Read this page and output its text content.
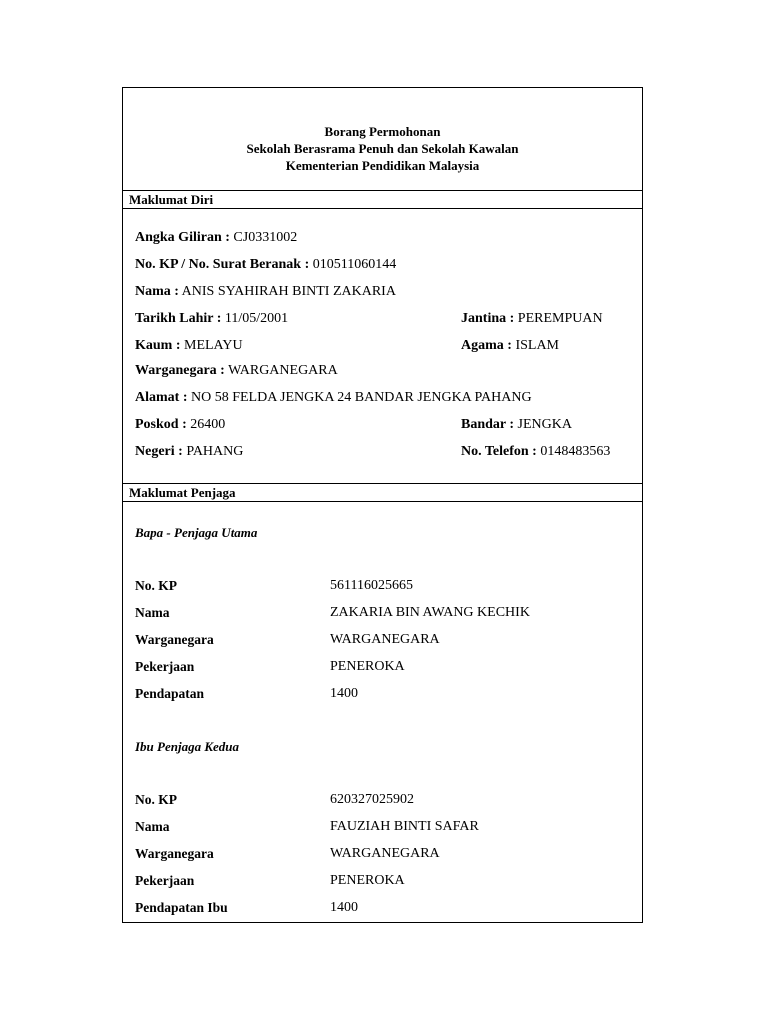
Borang Permohonan
Sekolah Berasrama Penuh dan Sekolah Kawalan
Kementerian Pendidikan Malaysia
Maklumat Diri
Angka Giliran : CJ0331002
No. KP / No. Surat Beranak : 010511060144
Nama : ANIS SYAHIRAH BINTI ZAKARIA
Tarikh Lahir : 11/05/2001	Jantina : PEREMPUAN
Kaum : MELAYU	Agama : ISLAM
Warganegara : WARGANEGARA
Alamat : NO 58 FELDA JENGKA 24 BANDAR JENGKA PAHANG
Poskod : 26400	Bandar : JENGKA
Negeri : PAHANG	No. Telefon : 0148483563
Maklumat Penjaga
Bapa - Penjaga Utama
No. KP	561116025665
Nama	ZAKARIA BIN AWANG KECHIK
Warganegara	WARGANEGARA
Pekerjaan	PENEROKA
Pendapatan	1400
Ibu Penjaga Kedua
No. KP	620327025902
Nama	FAUZIAH BINTI SAFAR
Warganegara	WARGANEGARA
Pekerjaan	PENEROKA
Pendapatan Ibu	1400
